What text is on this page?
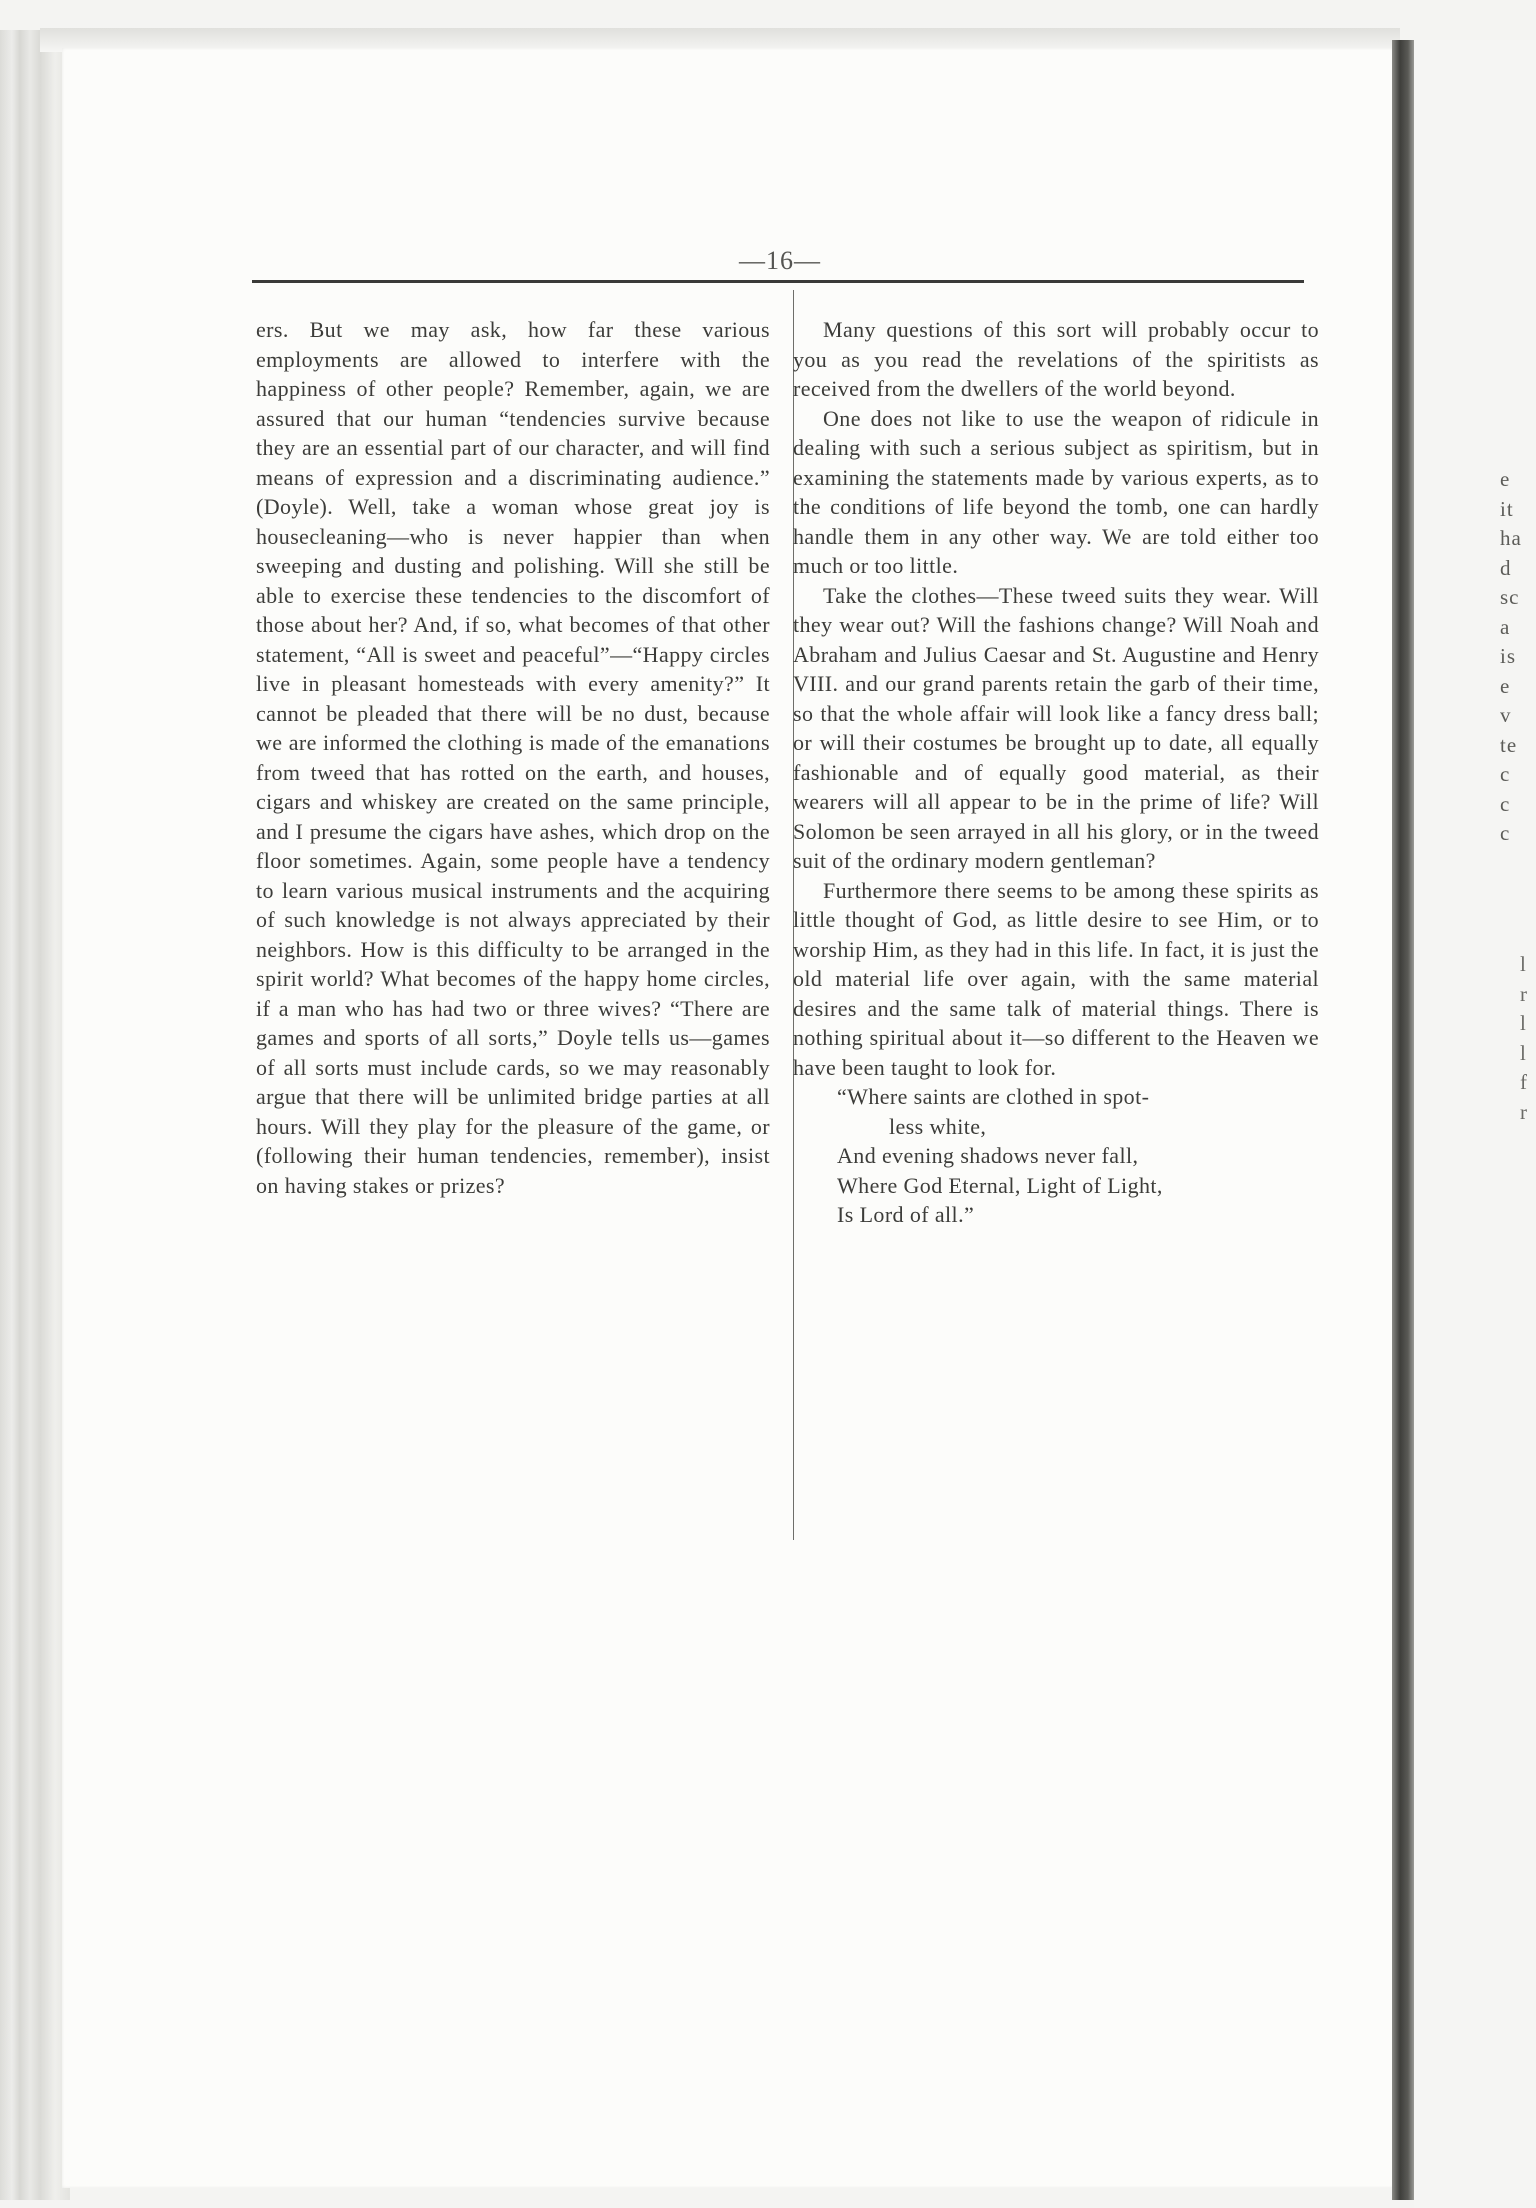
e
it
ha
d
sc
a
is
e
v
te
c
c
c
l
r
l
l
f
r
—16—

ers. But we may ask, how far these various employments are allowed to interfere with the happiness of other people? Remember, again, we are assured that our human “tendencies survive because they are an essential part of our character, and will find means of expression and a discriminating audience.” (Doyle). Well, take a woman whose great joy is housecleaning—who is never happier than when sweeping and dusting and polishing. Will she still be able to exercise these tendencies to the discomfort of those about her? And, if so, what becomes of that other statement, “All is sweet and peaceful”—“Happy circles live in pleasant homesteads with every amenity?” It cannot be pleaded that there will be no dust, because we are informed the clothing is made of the emanations from tweed that has rotted on the earth, and houses, cigars and whiskey are created on the same principle, and I presume the cigars have ashes, which drop on the floor sometimes. Again, some people have a tendency to learn various musical instruments and the acquiring of such knowledge is not always appreciated by their neighbors. How is this difficulty to be arranged in the spirit world? What becomes of the happy home circles, if a man who has had two or three wives? “There are games and sports of all sorts,” Doyle tells us—games of all sorts must include cards, so we may reasonably argue that there will be unlimited bridge parties at all hours. Will they play for the pleasure of the game, or (following their human tendencies, remember), insist on having stakes or prizes?

Many questions of this sort will probably occur to you as you read the revelations of the spiritists as received from the dwellers of the world beyond.

One does not like to use the weapon of ridicule in dealing with such a serious subject as spiritism, but in examining the statements made by various experts, as to the conditions of life beyond the tomb, one can hardly handle them in any other way. We are told either too much or too little.

Take the clothes—These tweed suits they wear. Will they wear out? Will the fashions change? Will Noah and Abraham and Julius Caesar and St. Augustine and Henry VIII. and our grand parents retain the garb of their time, so that the whole affair will look like a fancy dress ball; or will their costumes be brought up to date, all equally fashionable and of equally good material, as their wearers will all appear to be in the prime of life? Will Solomon be seen arrayed in all his glory, or in the tweed suit of the ordinary modern gentleman?

Furthermore there seems to be among these spirits as little thought of God, as little desire to see Him, or to worship Him, as they had in this life. In fact, it is just the old material life over again, with the same material desires and the same talk of material things. There is nothing spiritual about it—so different to the Heaven we have been taught to look for.

“Where saints are clothed in spot-
less white,
And evening shadows never fall,
Where God Eternal, Light of Light,
Is Lord of all.”
